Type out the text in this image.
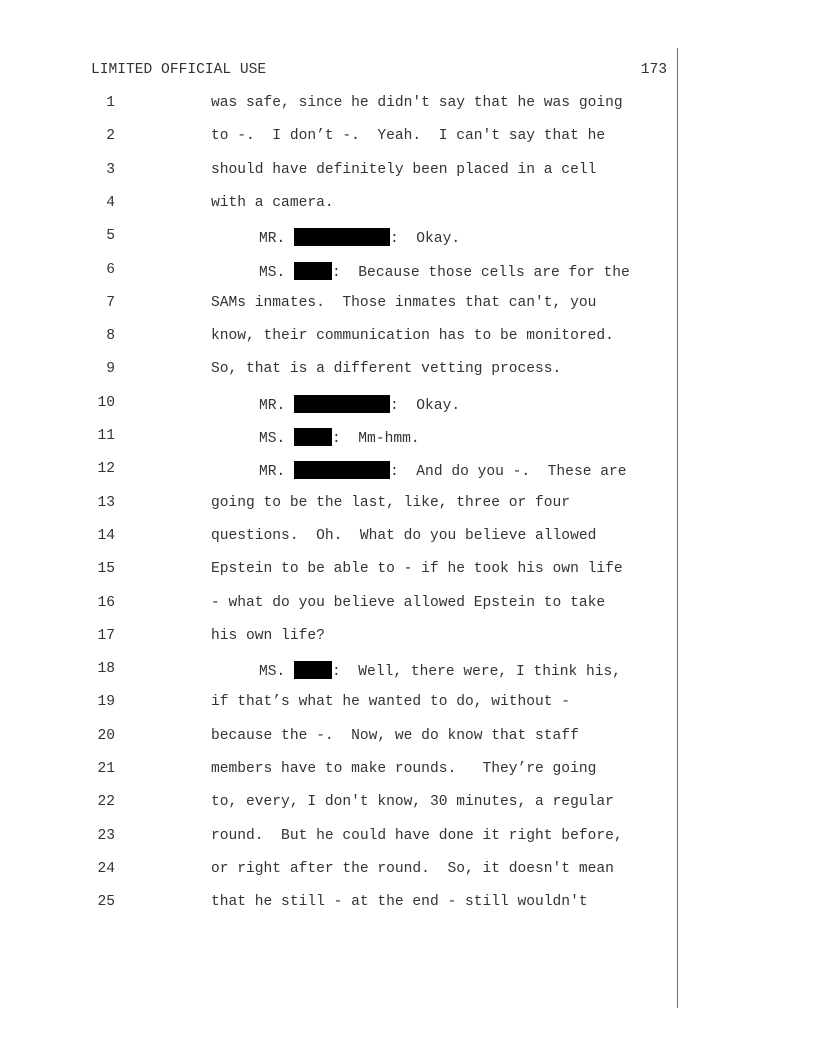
LIMITED OFFICIAL USE	173
1	was safe, since he didn't say that he was going
2	to -.  I don’t -.  Yeah.  I can't say that he
3	should have definitely been placed in a cell
4	with a camera.
5	MR.	:  Okay.
6	MS.	:  Because those cells are for the
7	SAMs inmates.  Those inmates that can't, you
8	know, their communication has to be monitored.
9	So, that is a different vetting process.
10	MR.	:  Okay.
11	MS.	:  Mm-hmm.
12	MR.	:  And do you -.  These are
13	going to be the last, like, three or four
14	questions.  Oh.  What do you believe allowed
15	Epstein to be able to - if he took his own life
16	- what do you believe allowed Epstein to take
17	his own life?
18	MS.	:  Well, there were, I think his,
19	if that’s what he wanted to do, without -
20	because the -.  Now, we do know that staff
21	members have to make rounds.   They’re going
22	to, every, I don't know, 30 minutes, a regular
23	round.  But he could have done it right before,
24	or right after the round.  So, it doesn't mean
25	that he still - at the end - still wouldn't
